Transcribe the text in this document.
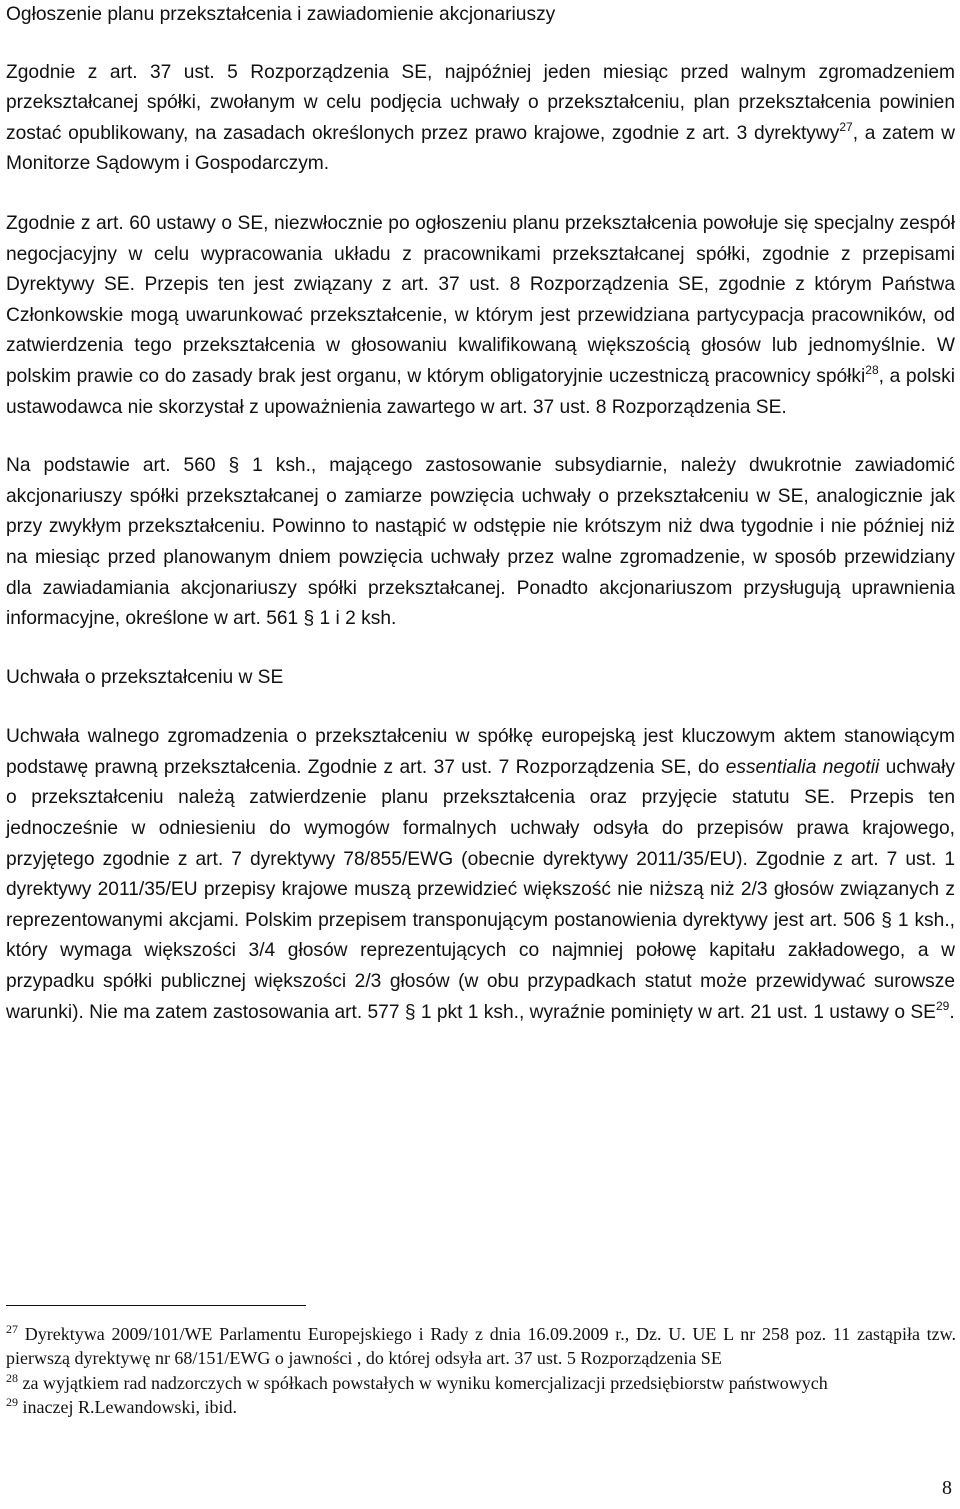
Ogłoszenie planu przekształcenia i zawiadomienie akcjonariuszy

Zgodnie z art. 37 ust. 5 Rozporządzenia SE, najpóźniej jeden miesiąc przed walnym zgromadzeniem przekształcanej spółki, zwołanym w celu podjęcia uchwały o przekształceniu, plan przekształcenia powinien zostać opublikowany, na zasadach określonych przez prawo krajowe, zgodnie z art. 3 dyrektywy$^{27}$, a zatem w Monitorze Sądowym i Gospodarczym.

Zgodnie z art. 60 ustawy o SE, niezwłocznie po ogłoszeniu planu przekształcenia powołuje się specjalny zespół negocjacyjny w celu wypracowania układu z pracownikami przekształcanej spółki, zgodnie z przepisami Dyrektywy SE. Przepis ten jest związany z art. 37 ust. 8 Rozporządzenia SE, zgodnie z którym Państwa Członkowskie mogą uwarunkować przekształcenie, w którym jest przewidziana partycypacja pracowników, od zatwierdzenia tego przekształcenia w głosowaniu kwalifikowaną większością głosów lub jednomyślnie. W polskim prawie co do zasady brak jest organu, w którym obligatoryjnie uczestniczą pracownicy spółki$^{28}$, a polski ustawodawca nie skorzystał z upoważnienia zawartego w art. 37 ust. 8 Rozporządzenia SE.

Na podstawie art. 560 § 1 ksh., mającego zastosowanie subsydiarnie, należy dwukrotnie zawiadomić akcjonariuszy spółki przekształcanej o zamiarze powzięcia uchwały o przekształceniu w SE, analogicznie jak przy zwykłym przekształceniu. Powinno to nastąpić w odstępie nie krótszym niż dwa tygodnie i nie później niż na miesiąc przed planowanym dniem powzięcia uchwały przez walne zgromadzenie, w sposób przewidziany dla zawiadamiania akcjonariuszy spółki przekształcanej. Ponadto akcjonariuszom przysługują uprawnienia informacyjne, określone w art. 561 § 1 i 2 ksh.

Uchwała o przekształceniu w SE

Uchwała walnego zgromadzenia o przekształceniu w spółkę europejską jest kluczowym aktem stanowiącym podstawę prawną przekształcenia. Zgodnie z art. 37 ust. 7 Rozporządzenia SE, do essentialia negotii uchwały o przekształceniu należą zatwierdzenie planu przekształcenia oraz przyjęcie statutu SE. Przepis ten jednocześnie w odniesieniu do wymogów formalnych uchwały odsyła do przepisów prawa krajowego, przyjętego zgodnie z art. 7 dyrektywy 78/855/EWG (obecnie dyrektywy 2011/35/EU). Zgodnie z art. 7 ust. 1 dyrektywy 2011/35/EU przepisy krajowe muszą przewidzieć większość nie niższą niż 2/3 głosów związanych z reprezentowanymi akcjami. Polskim przepisem transponującym postanowienia dyrektywy jest art. 506 § 1 ksh., który wymaga większości 3/4 głosów reprezentujących co najmniej połowę kapitału zakładowego, a w przypadku spółki publicznej większości 2/3 głosów (w obu przypadkach statut może przewidywać surowsze warunki). Nie ma zatem zastosowania art. 577 § 1 pkt 1 ksh., wyraźnie pominięty w art. 21 ust. 1 ustawy o SE$^{29}$.

$^{27}$ Dyrektywa 2009/101/WE Parlamentu Europejskiego i Rady z dnia 16.09.2009 r., Dz. U. UE L nr 258 poz. 11 zastąpiła tzw. pierwszą dyrektywę nr 68/151/EWG o jawności , do której odsyła art. 37 ust. 5 Rozporządzenia SE

$^{28}$ za wyjątkiem rad nadzorczych w spółkach powstałych w wyniku komercjalizacji przedsiębiorstw państwowych

$^{29}$ inaczej R.Lewandowski, ibid.

8
